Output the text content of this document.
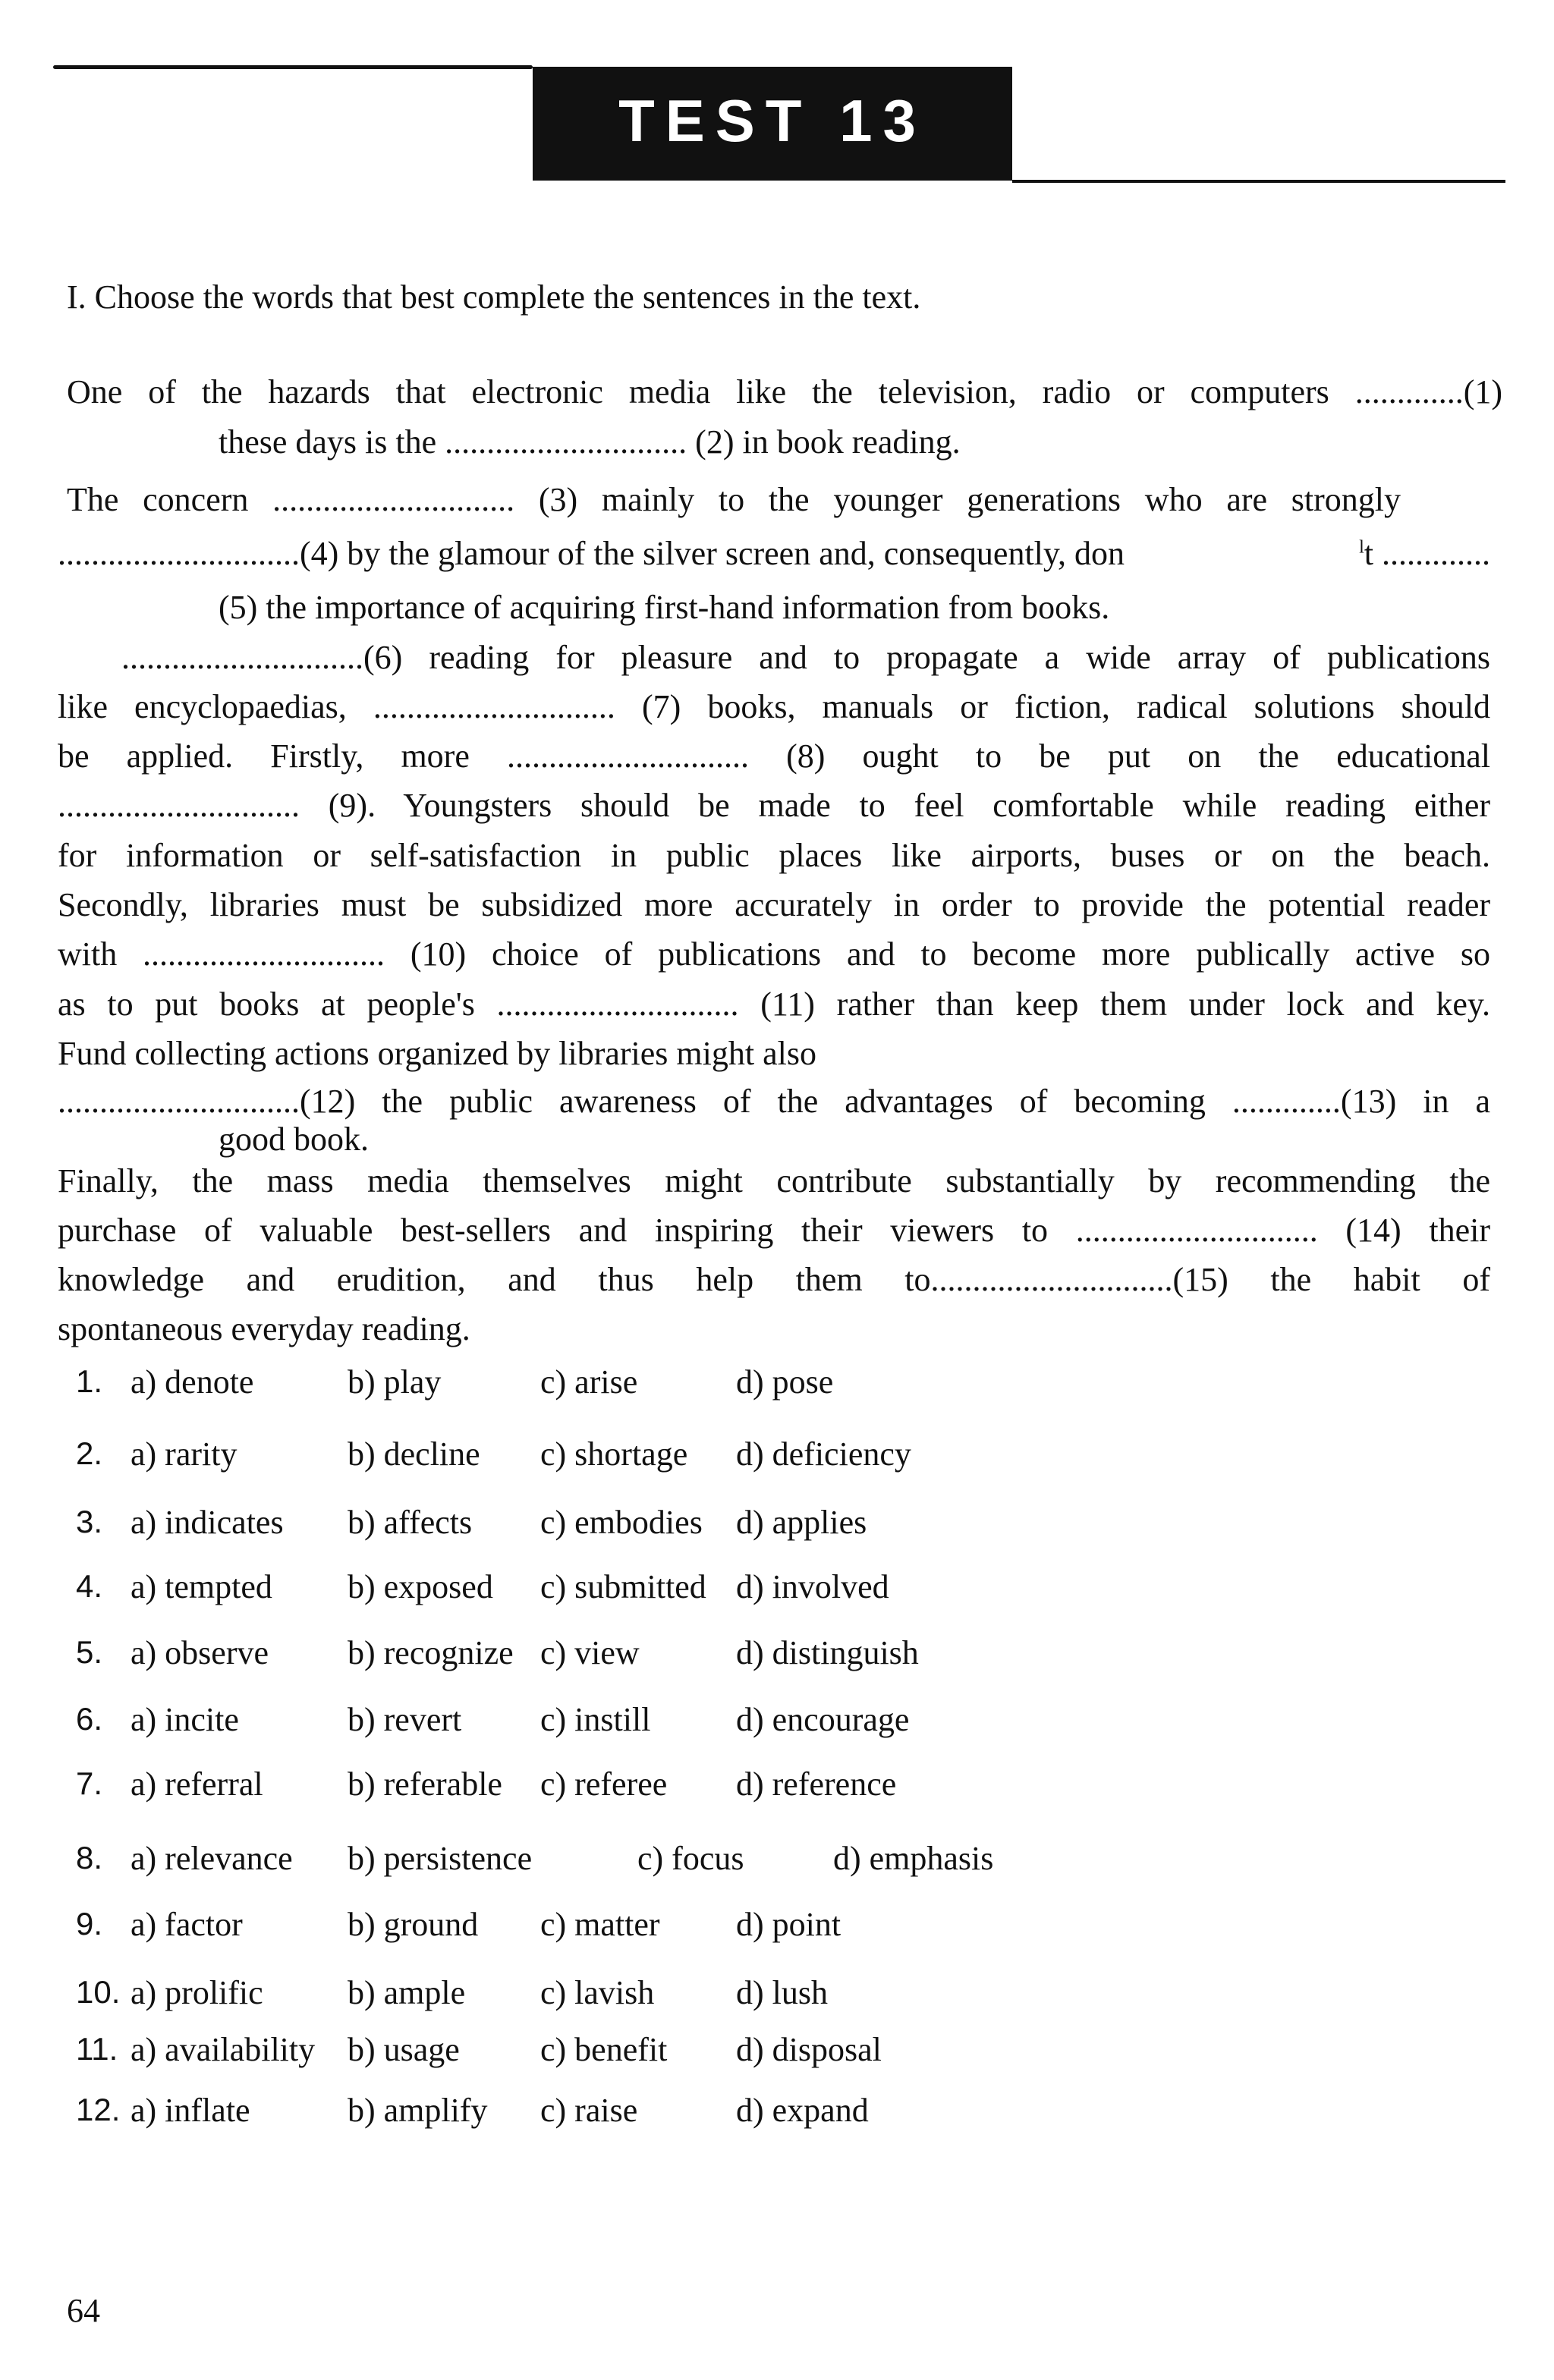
TEST 13
I. Choose the words that best complete the sentences in the text.
One of the hazards that electronic media like the television, radio or computers .............(1)
these days is the ............................. (2) in book reading.
The concern ............................. (3) mainly to the younger generations who are strongly
.............................(4) by the glamour of the silver screen and, consequently, don	$^l$t .............
(5) the importance of acquiring first-hand information from books.
.............................(6) reading for pleasure and to propagate a wide array of publications
like encyclopaedias, ............................. (7) books, manuals or fiction, radical solutions should
be applied. Firstly, more ............................. (8) ought to be put on the educational
............................. (9). Youngsters should be made to feel comfortable while reading either
for information or self-satisfaction in public places like airports, buses or on the beach.
Secondly, libraries must be subsidized more accurately in order to provide the potential reader
with ............................. (10) choice of publications and to become more publically active so
as to put books at people's ............................. (11) rather than keep them under lock and key.
Fund collecting actions organized by libraries might also
.............................(12) the public awareness of the advantages of becoming .............(13) in a
good book.
Finally, the mass media themselves might contribute substantially by recommending the
purchase of valuable best-sellers and inspiring their viewers to ............................. (14) their
knowledge and erudition, and thus help them to.............................(15) the habit of
spontaneous everyday reading.
1. a) denote	b) play	c) arise	d) pose
2. a) rarity	b) decline c) shortage d) deficiency
3. a) indicates b) affects c) embodies d) applies
4. a) tempted b) exposed c) submitted d) involved
5. a) observe b) recognize c) view	d) distinguish
6. a) incite	b) revert c) instill	d) encourage
7. a) referral	b) referable c) referee d) reference
8. a) relevance b) persistence	c) focus	d) emphasis
9. a) factor	b) ground c) matter d) point
10. a) prolific	b) ample c) lavish d) lush
11. a) availability b) usage c) benefit d) disposal
12. a) inflate	b) amplify c) raise	d) expand
64
